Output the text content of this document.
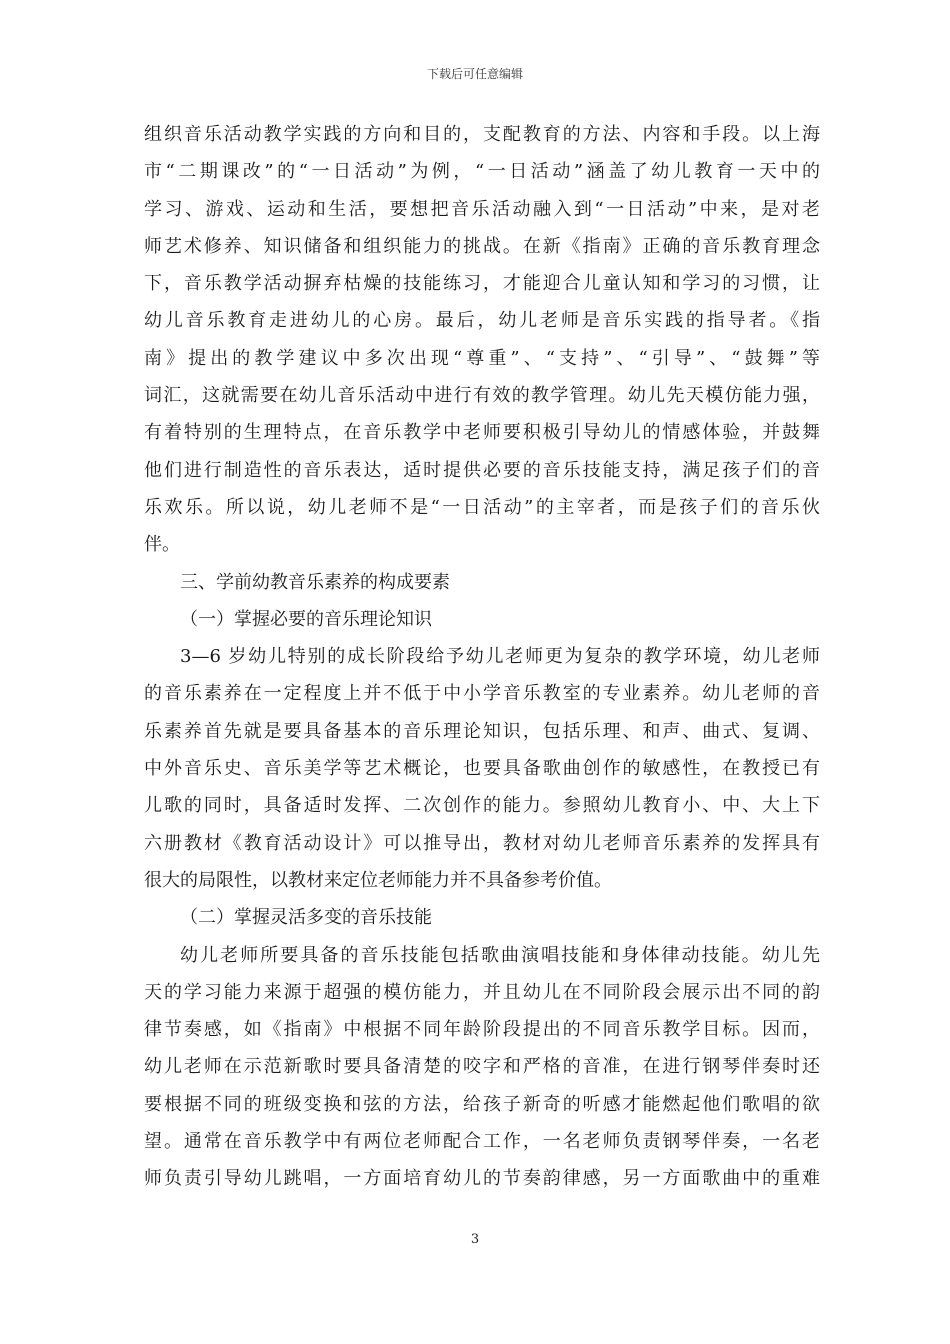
下载后可任意编辑
组织音乐活动教学实践的方向和目的，支配教育的方法、内容和手段。以上海
市“二期课改”的“一日活动”为例，“一日活动”涵盖了幼儿教育一天中的
学习、游戏、运动和生活，要想把音乐活动融入到“一日活动”中来，是对老
师艺术修养、知识储备和组织能力的挑战。在新《指南》正确的音乐教育理念
下，音乐教学活动摒弃枯燥的技能练习，才能迎合儿童认知和学习的习惯，让
幼儿音乐教育走进幼儿的心房。最后，幼儿老师是音乐实践的指导者。《指
南》提出的教学建议中多次出现“尊重”、“支持”、“引导”、“鼓舞”等
词汇，这就需要在幼儿音乐活动中进行有效的教学管理。幼儿先天模仿能力强，
有着特别的生理特点，在音乐教学中老师要积极引导幼儿的情感体验，并鼓舞
他们进行制造性的音乐表达，适时提供必要的音乐技能支持，满足孩子们的音
乐欢乐。所以说，幼儿老师不是“一日活动”的主宰者，而是孩子们的音乐伙
伴。
三、学前幼教音乐素养的构成要素
（一）掌握必要的音乐理论知识
3—6 岁幼儿特别的成长阶段给予幼儿老师更为复杂的教学环境，幼儿老师
的音乐素养在一定程度上并不低于中小学音乐教室的专业素养。幼儿老师的音
乐素养首先就是要具备基本的音乐理论知识，包括乐理、和声、曲式、复调、
中外音乐史、音乐美学等艺术概论，也要具备歌曲创作的敏感性，在教授已有
儿歌的同时，具备适时发挥、二次创作的能力。参照幼儿教育小、中、大上下
六册教材《教育活动设计》可以推导出，教材对幼儿老师音乐素养的发挥具有
很大的局限性，以教材来定位老师能力并不具备参考价值。
（二）掌握灵活多变的音乐技能
幼儿老师所要具备的音乐技能包括歌曲演唱技能和身体律动技能。幼儿先
天的学习能力来源于超强的模仿能力，并且幼儿在不同阶段会展示出不同的韵
律节奏感，如《指南》中根据不同年龄阶段提出的不同音乐教学目标。因而，
幼儿老师在示范新歌时要具备清楚的咬字和严格的音准，在进行钢琴伴奏时还
要根据不同的班级变换和弦的方法，给孩子新奇的听感才能燃起他们歌唱的欲
望。通常在音乐教学中有两位老师配合工作，一名老师负责钢琴伴奏，一名老
师负责引导幼儿跳唱，一方面培育幼儿的节奏韵律感，另一方面歌曲中的重难
3
